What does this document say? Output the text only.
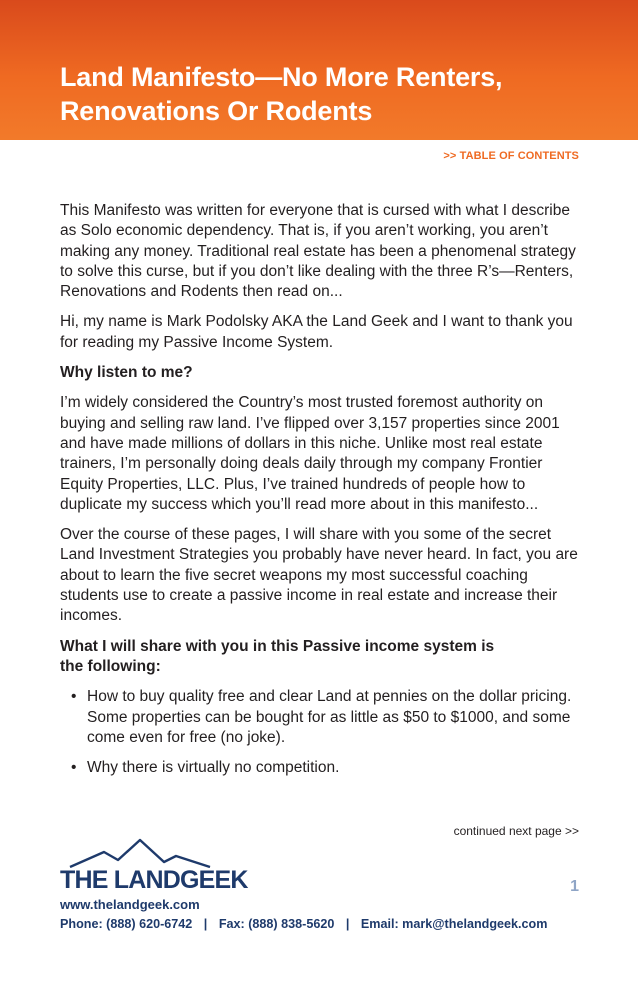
Land Manifesto—No More Renters,
Renovations Or Rodents
>> TABLE OF CONTENTS

This Manifesto was written for everyone that is cursed with what I describe as Solo economic dependency. That is, if you aren’t working, you aren’t making any money. Traditional real estate has been a phenomenal strategy to solve this curse, but if you don’t like dealing with the three R’s—Renters, Renovations and Rodents then read on...

Hi, my name is Mark Podolsky AKA the Land Geek and I want to thank you for reading my Passive Income System.

Why listen to me?

I’m widely considered the Country’s most trusted foremost authority on buying and selling raw land. I’ve flipped over 3,157 properties since 2001 and have made millions of dollars in this niche. Unlike most real estate trainers, I’m personally doing deals daily through my company Frontier Equity Properties, LLC. Plus, I’ve trained hundreds of people how to duplicate my success which you’ll read more about in this manifesto...

Over the course of these pages, I will share with you some of the secret Land Investment Strategies you probably have never heard. In fact, you are about to learn the five secret weapons my most successful coaching students use to create a passive income in real estate and increase their incomes.

What I will share with you in this Passive income system is
the following:

• How to buy quality free and clear Land at pennies on the dollar pricing. Some properties can be bought for as little as $50 to $1000, and some come even for free (no joke).
• Why there is virtually no competition.
continued next page >>
THE LANDGEEK	1
www.thelandgeek.com
Phone: (888) 620-6742 | Fax: (888) 838-5620 | Email: mark@thelandgeek.com
